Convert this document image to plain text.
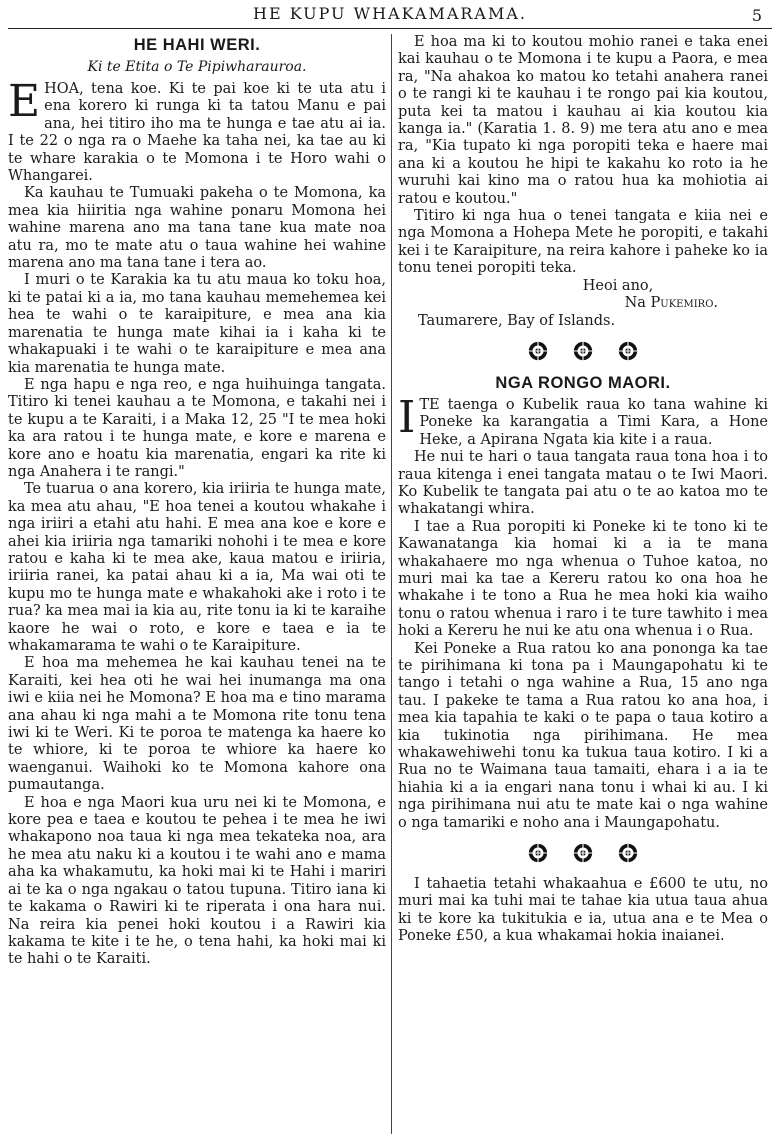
HE KUPU WHAKAMARAMA.	5
HE HAHI WERI.
Ki te Etita o Te Pipiwharauroa.

EHOA, tena koe. Ki te pai koe ki te uta atu i ena korero ki runga ki ta tatou Manu e pai ana, hei titiro iho ma te hunga e tae atu ai ia. I te 22 o nga ra o Maehe ka taha nei, ka tae au ki te whare karakia o te Momona i te Horo wahi o Whangarei.

Ka kauhau te Tumuaki pakeha o te Momona, ka mea kia hiiritia nga wahine ponaru Momona hei wahine marena ano ma tana tane kua mate noa atu ra, mo te mate atu o taua wahine hei wahine marena ano ma tana tane i tera ao.

I muri o te Karakia ka tu atu maua ko toku hoa, ki te patai ki a ia, mo tana kauhau memehemea kei hea te wahi o te karaipiture, e mea ana kia marenatia te hunga mate kihai ia i kaha ki te whakapuaki i te wahi o te karaipiture e mea ana kia marenatia te hunga mate.

E nga hapu e nga reo, e nga huihuinga tangata. Titiro ki tenei kauhau a te Momona, e takahi nei i te kupu a te Karaiti, i a Maka 12, 25 "I te mea hoki ka ara ratou i te hunga mate, e kore e marena e kore ano e hoatu kia marenatia, engari ka rite ki nga Anahera i te rangi."

Te tuarua o ana korero, kia iriiria te hunga mate, ka mea atu ahau, "E hoa tenei a koutou whakahe i nga iriiri a etahi atu hahi. E mea ana koe e kore e ahei kia iriiria nga tamariki nohohi i te mea e kore ratou e kaha ki te mea ake, kaua matou e iriiria, iriiria ranei, ka patai ahau ki a ia, Ma wai oti te kupu mo te hunga mate e whakahoki ake i roto i te rua? ka mea mai ia kia au, rite tonu ia ki te karaihe kaore he wai o roto, e kore e taea e ia te whakamarama te wahi o te Karaipiture.

E hoa ma mehemea he kai kauhau tenei na te Karaiti, kei hea oti he wai hei inumanga ma ona iwi e kiia nei he Momona? E hoa ma e tino marama ana ahau ki nga mahi a te Momona rite tonu tena iwi ki te Weri. Ki te poroa te matenga ka haere ko te whiore, ki te poroa te whiore ka haere ko waenganui. Waihoki ko te Momona kahore ona pumautanga.

E hoa e nga Maori kua uru nei ki te Momona, e kore pea e taea e koutou te pehea i te mea he iwi whakapono noa taua ki nga mea tekateka noa, ara he mea atu naku ki a koutou i te wahi ano e mama aha ka whakamutu, ka hoki mai ki te Hahi i mariri ai te ka o nga ngakau o tatou tupuna. Titiro iana ki te kakama o Rawiri ki te riperata i ona hara nui. Na reira kia penei hoki koutou i a Rawiri kia kakama te kite i te he, o tena hahi, ka hoki mai ki te hahi o te Karaiti.

E hoa ma ki to koutou mohio ranei e taka enei kai kauhau o te Momona i te kupu a Paora, e mea ra, "Na ahakoa ko matou ko tetahi anahera ranei o te rangi ki te kauhau i te rongo pai kia koutou, puta kei ta matou i kauhau ai kia koutou kia kanga ia." (Karatia 1. 8. 9) me tera atu ano e mea ra, "Kia tupato ki nga poropiti teka e haere mai ana ki a koutou he hipi te kakahu ko roto ia he wuruhi kai kino ma o ratou hua ka mohiotia ai ratou e koutou."

Titiro ki nga hua o tenei tangata e kiia nei e nga Momona a Hohepa Mete he poropiti, e takahi kei i te Karaipiture, na reira kahore i paheke ko ia tonu tenei poropiti teka.

Heoi ano,
Na Pukemiro.
Taumarere, Bay of Islands.

NGA RONGO MAORI.

ITE taenga o Kubelik raua ko tana wahine ki Poneke ka karangatia a Timi Kara, a Hone Heke, a Apirana Ngata kia kite i a raua.

He nui te hari o taua tangata raua tona hoa i to raua kitenga i enei tangata matau o te Iwi Maori. Ko Kubelik te tangata pai atu o te ao katoa mo te whakatangi whira.

I tae a Rua poropiti ki Poneke ki te tono ki te Kawanatanga kia homai ki a ia te mana whakahaere mo nga whenua o Tuhoe katoa, no muri mai ka tae a Kereru ratou ko ona hoa he whakahe i te tono a Rua he mea hoki kia waiho tonu o ratou whenua i raro i te ture tawhito i mea hoki a Kereru he nui ke atu ona whenua i o Rua.

Kei Poneke a Rua ratou ko ana pononga ka tae te pirihimana ki tona pa i Maungapohatu ki te tango i tetahi o nga wahine a Rua, 15 ano nga tau. I pakeke te tama a Rua ratou ko ana hoa, i mea kia tapahia te kaki o te papa o taua kotiro a kia tukinotia nga pirihimana. He mea whakawehiwehi tonu ka tukua taua kotiro. I ki a Rua no te Waimana taua tamaiti, ehara i a ia te hiahia ki a ia engari nana tonu i whai ki au. I ki nga pirihimana nui atu te mate kai o nga wahine o nga tamariki e noho ana i Maungapohatu.

I tahaetia tetahi whakaahua e £600 te utu, no muri mai ka tuhi mai te tahae kia utua taua ahua ki te kore ka tukitukia e ia, utua ana e te Mea o Poneke £50, a kua whakamai hokia inaianei.
